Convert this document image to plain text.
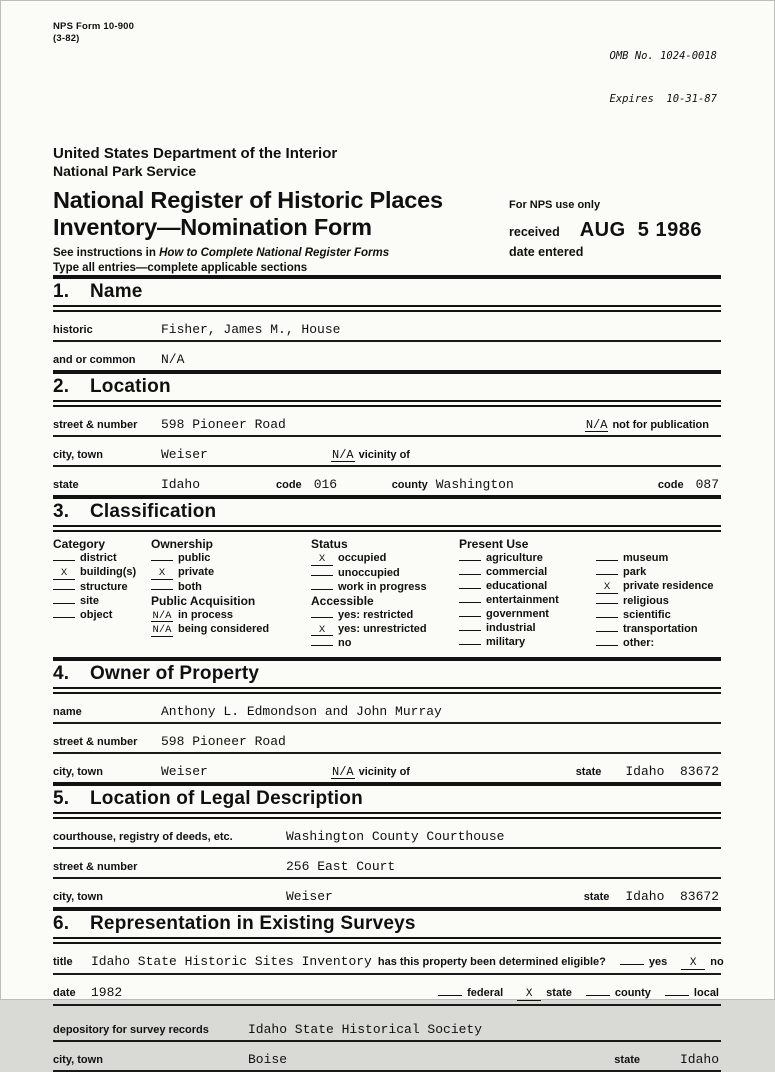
NPS Form 10-900
(3-82)

OMB No. 1024-0018

Expires  10-31-87

United States Department of the Interior
National Park Service
National Register of Historic Places
Inventory—Nomination Form
See instructions in How to Complete National Register Forms
Type all entries—complete applicable sections
For NPS use only
received AUG  5 1986
date entered
1. Name
historic	Fisher, James M., House
and or common	N/A
2. Location
street & number	598 Pioneer Road	N/A not for publication
city, town	Weiser	N/A vicinity of
state	Idaho	code 016	county Washington	code 087
3. Classification
Category
district
X building(s)
structure
site
object
Ownership
public
X private
both
Public Acquisition
N/A in process
N/A being considered
Status
X occupied
unoccupied
work in progress
Accessible
yes: restricted
X yes: unrestricted
no
Present Use
agriculture
commercial
educational
entertainment
government
industrial
military
museum
park
X private residence
religious
scientific
transportation
other:
4. Owner of Property
name	Anthony L. Edmondson and John Murray
street & number	598 Pioneer Road
city, town	Weiser	N/A vicinity of	state Idaho  83672
5. Location of Legal Description
courthouse, registry of deeds, etc.	Washington County Courthouse
street & number	256 East Court
city, town	Weiser	state Idaho  83672
6. Representation in Existing Surveys
title	Idaho State Historic Sites Inventory has this property been determined eligible?	yes	X	no
date	1982	federal	X	state	county	local
depository for survey records	Idaho State Historical Society
city, town	Boise	state	Idaho
